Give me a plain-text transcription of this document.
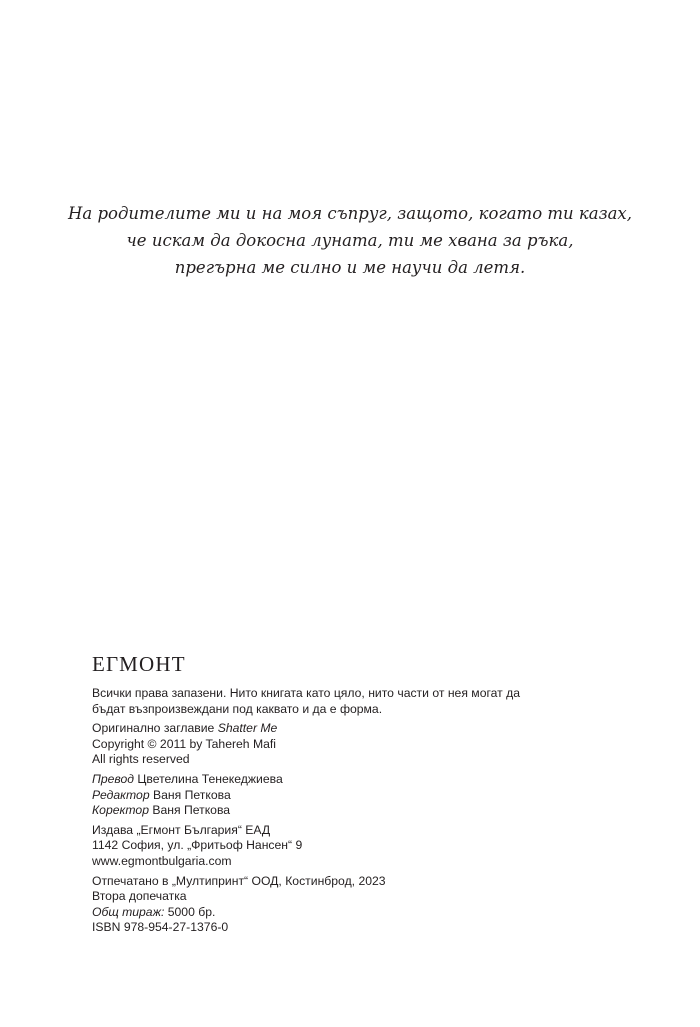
На родителите ми и на моя съпруг, защото, когато ти казах,
че искам да докосна луната, ти ме хвана за ръка,
прегърна ме силно и ме научи да летя.
ЕГМОНТ
Всички права запазени. Нито книгата като цяло, нито части от нея могат да
бъдат възпроизвеждани под каквато и да е форма.
Оригинално заглавие Shatter Me
Copyright © 2011 by Tahereh Mafi
All rights reserved
Превод Цветелина Тенекеджиева
Редактор Ваня Петкова
Коректор Ваня Петкова
Издава „Егмонт България“ ЕАД
1142 София, ул. „Фритьоф Нансен“ 9
www.egmontbulgaria.com
Отпечатано в „Мултипринт“ ООД, Костинброд, 2023
Втора допечатка
Общ тираж: 5000 бр.
ISBN 978-954-27-1376-0
